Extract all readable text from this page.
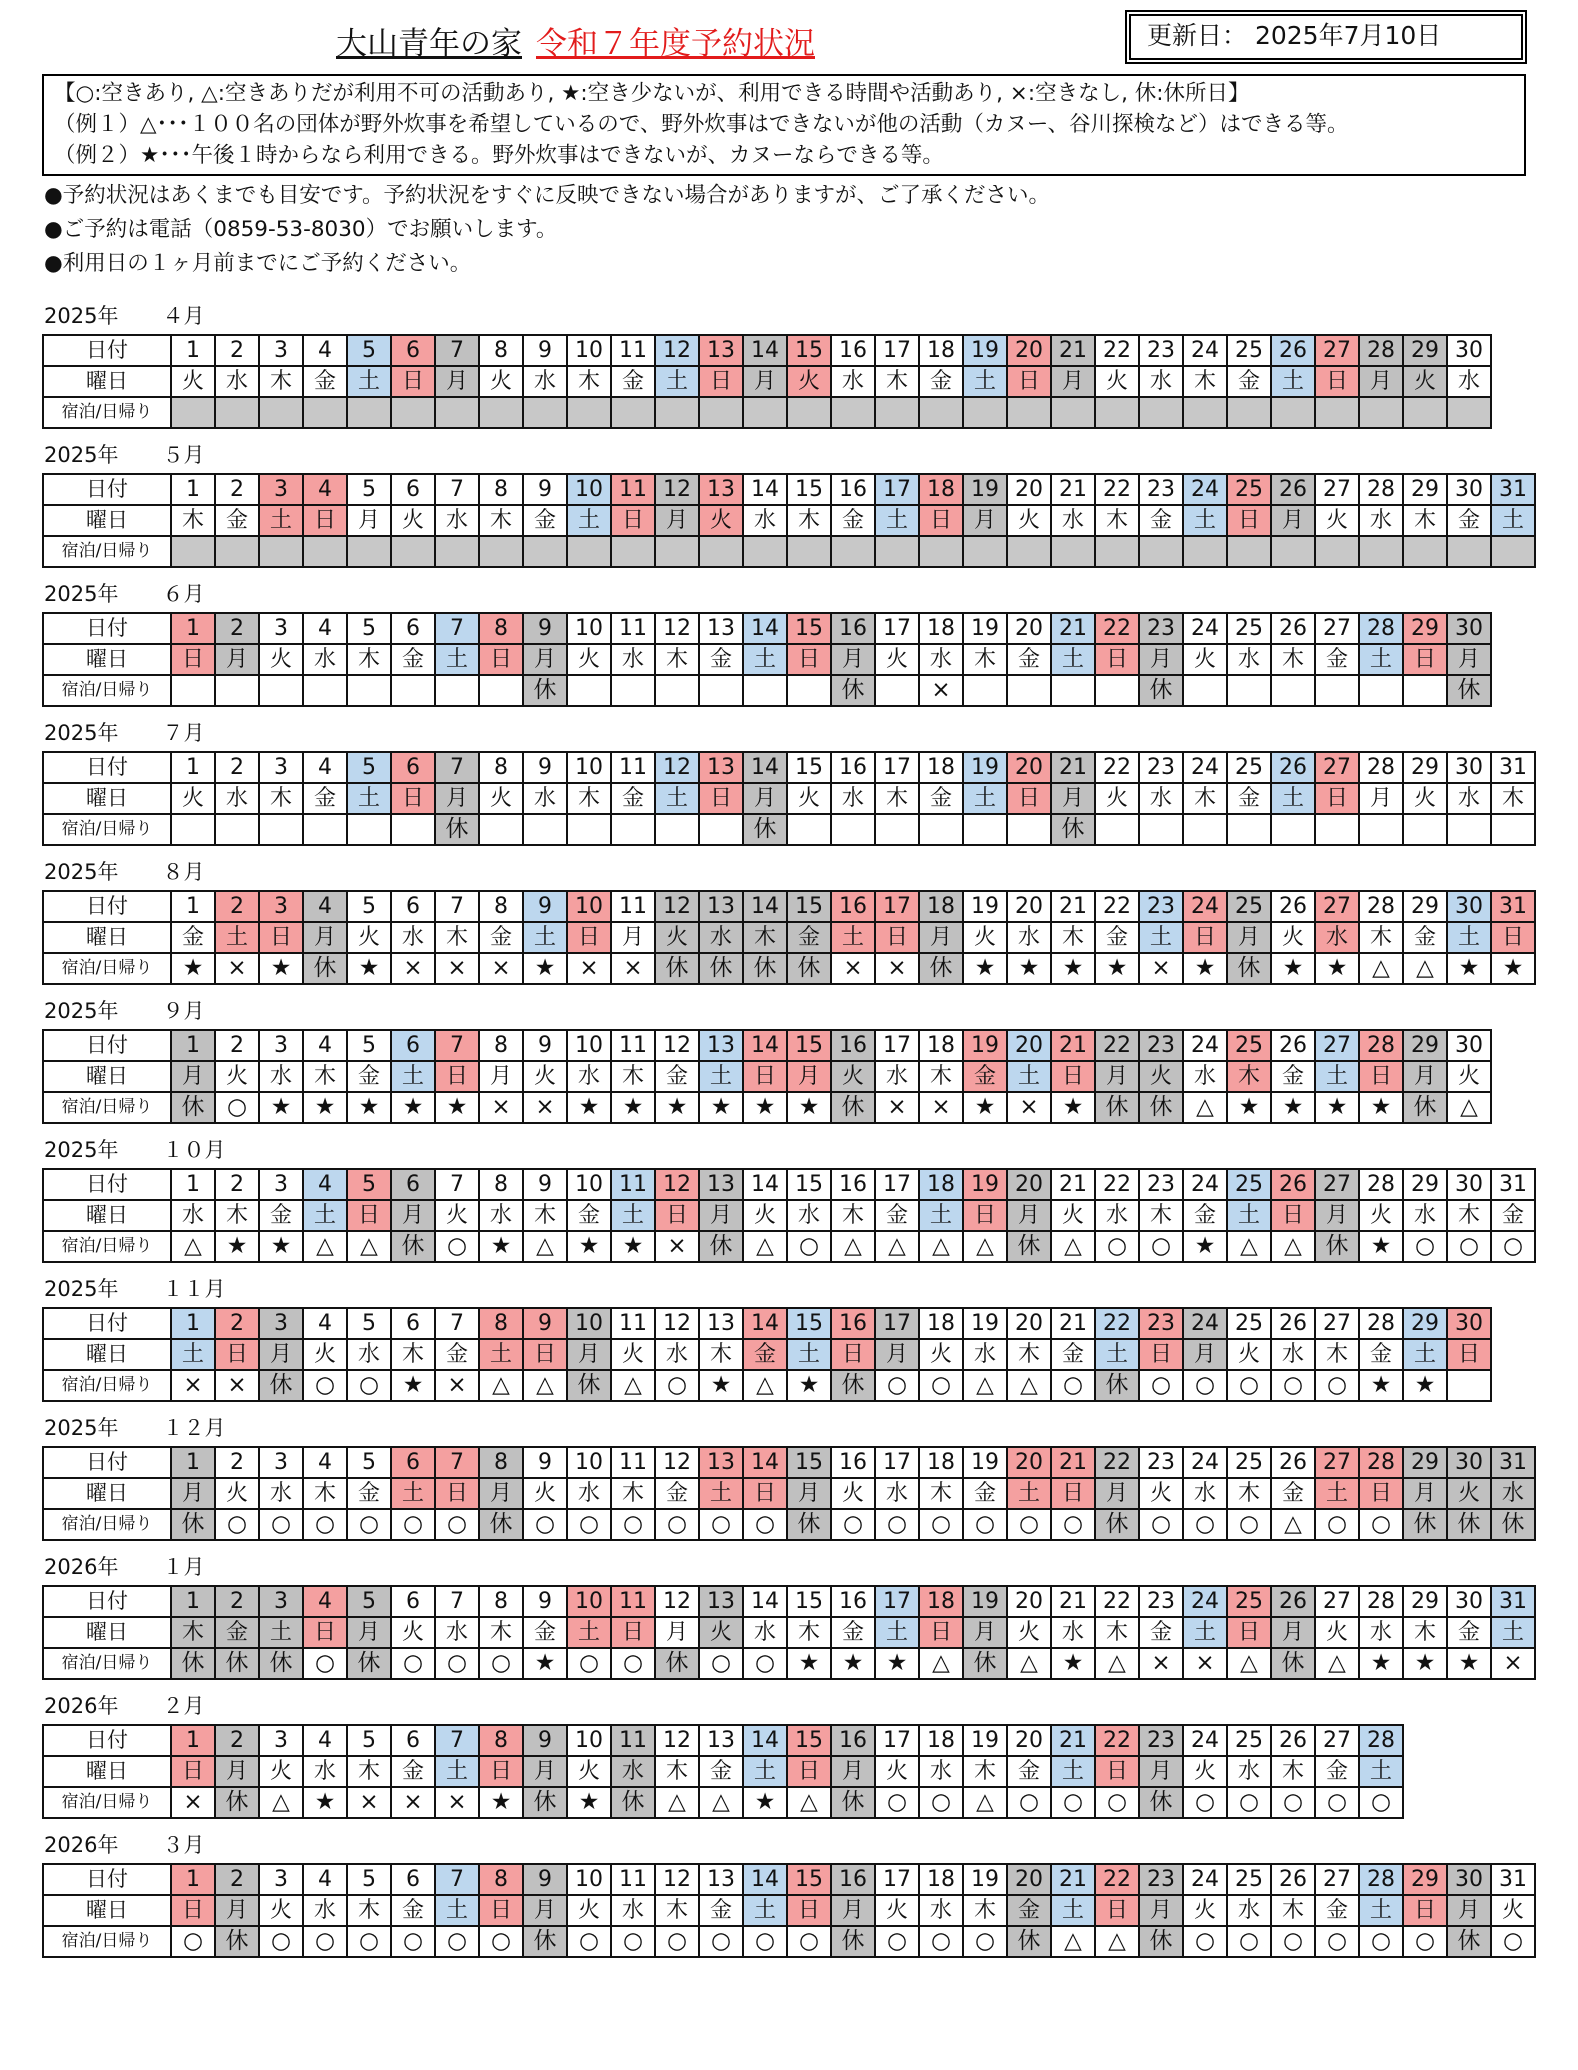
大山青年の家 令和７年度予約状況	更新日： 2025年7月10日
【○:空きあり, △:空きありだが利用不可の活動あり, ★:空き少ないが、利用できる時間や活動あり, ×:空きなし, 休:休所日】
（例１）△･･･１００名の団体が野外炊事を希望しているので、野外炊事はできないが他の活動（カヌー、谷川探検など）はできる等。
（例２）★･･･午後１時からなら利用できる。野外炊事はできないが、カヌーならできる等。
●予約状況はあくまでも目安です。予約状況をすぐに反映できない場合がありますが、ご了承ください。
●ご予約は電話（0859-53-8030）でお願いします。
●利用日の１ヶ月前までにご予約ください。
2025年 ４月
日付	1	2	3	4	5	6	7	8	9	10	11	12	13	14	15	16	17	18	19	20	21	22	23	24	25	26	27	28	29	30
曜日	火	水	木	金	土	日	月	火	水	木	金	土	日	月	火	水	木	金	土	日	月	火	水	木	金	土	日	月	火	水
宿泊/日帰り																														
2025年 ５月
日付	1	2	3	4	5	6	7	8	9	10	11	12	13	14	15	16	17	18	19	20	21	22	23	24	25	26	27	28	29	30	31
曜日	木	金	土	日	月	火	水	木	金	土	日	月	火	水	木	金	土	日	月	火	水	木	金	土	日	月	火	水	木	金	土
宿泊/日帰り																															
2025年 ６月
日付	1	2	3	4	5	6	7	8	9	10	11	12	13	14	15	16	17	18	19	20	21	22	23	24	25	26	27	28	29	30
曜日	日	月	火	水	木	金	土	日	月	火	水	木	金	土	日	月	火	水	木	金	土	日	月	火	水	木	金	土	日	月
宿泊/日帰り									休							休		×					休							休
2025年 ７月
日付	1	2	3	4	5	6	7	8	9	10	11	12	13	14	15	16	17	18	19	20	21	22	23	24	25	26	27	28	29	30	31
曜日	火	水	木	金	土	日	月	火	水	木	金	土	日	月	火	水	木	金	土	日	月	火	水	木	金	土	日	月	火	水	木
宿泊/日帰り							休							休							休										
2025年 ８月
日付	1	2	3	4	5	6	7	8	9	10	11	12	13	14	15	16	17	18	19	20	21	22	23	24	25	26	27	28	29	30	31
曜日	金	土	日	月	火	水	木	金	土	日	月	火	水	木	金	土	日	月	火	水	木	金	土	日	月	火	水	木	金	土	日
宿泊/日帰り	★	×	★	休	★	×	×	×	★	×	×	休	休	休	休	×	×	休	★	★	★	★	×	★	休	★	★	△	△	★	★
2025年 ９月
日付	1	2	3	4	5	6	7	8	9	10	11	12	13	14	15	16	17	18	19	20	21	22	23	24	25	26	27	28	29	30
曜日	月	火	水	木	金	土	日	月	火	水	木	金	土	日	月	火	水	木	金	土	日	月	火	水	木	金	土	日	月	火
宿泊/日帰り	休	○	★	★	★	★	★	×	×	★	★	★	★	★	★	休	×	×	★	×	★	休	休	△	★	★	★	★	休	△
2025年 １０月
日付	1	2	3	4	5	6	7	8	9	10	11	12	13	14	15	16	17	18	19	20	21	22	23	24	25	26	27	28	29	30	31
曜日	水	木	金	土	日	月	火	水	木	金	土	日	月	火	水	木	金	土	日	月	火	水	木	金	土	日	月	火	水	木	金
宿泊/日帰り	△	★	★	△	△	休	○	★	△	★	★	×	休	△	○	△	△	△	△	休	△	○	○	★	△	△	休	★	○	○	○
2025年 １１月
日付	1	2	3	4	5	6	7	8	9	10	11	12	13	14	15	16	17	18	19	20	21	22	23	24	25	26	27	28	29	30
曜日	土	日	月	火	水	木	金	土	日	月	火	水	木	金	土	日	月	火	水	木	金	土	日	月	火	水	木	金	土	日
宿泊/日帰り	×	×	休	○	○	★	×	△	△	休	△	○	★	△	★	休	○	○	△	△	○	休	○	○	○	○	○	★	★	
2025年 １２月
日付	1	2	3	4	5	6	7	8	9	10	11	12	13	14	15	16	17	18	19	20	21	22	23	24	25	26	27	28	29	30	31
曜日	月	火	水	木	金	土	日	月	火	水	木	金	土	日	月	火	水	木	金	土	日	月	火	水	木	金	土	日	月	火	水
宿泊/日帰り	休	○	○	○	○	○	○	休	○	○	○	○	○	○	休	○	○	○	○	○	○	休	○	○	○	△	○	○	休	休	休
2026年 １月
日付	1	2	3	4	5	6	7	8	9	10	11	12	13	14	15	16	17	18	19	20	21	22	23	24	25	26	27	28	29	30	31
曜日	木	金	土	日	月	火	水	木	金	土	日	月	火	水	木	金	土	日	月	火	水	木	金	土	日	月	火	水	木	金	土
宿泊/日帰り	休	休	休	○	休	○	○	○	★	○	○	休	○	○	★	★	★	△	休	△	★	△	×	×	△	休	△	★	★	★	×
2026年 ２月
日付	1	2	3	4	5	6	7	8	9	10	11	12	13	14	15	16	17	18	19	20	21	22	23	24	25	26	27	28
曜日	日	月	火	水	木	金	土	日	月	火	水	木	金	土	日	月	火	水	木	金	土	日	月	火	水	木	金	土
宿泊/日帰り	×	休	△	★	×	×	×	★	休	★	休	△	△	★	△	休	○	○	△	○	○	○	休	○	○	○	○	○
2026年 ３月
日付	1	2	3	4	5	6	7	8	9	10	11	12	13	14	15	16	17	18	19	20	21	22	23	24	25	26	27	28	29	30	31
曜日	日	月	火	水	木	金	土	日	月	火	水	木	金	土	日	月	火	水	木	金	土	日	月	火	水	木	金	土	日	月	火
宿泊/日帰り	○	休	○	○	○	○	○	○	休	○	○	○	○	○	○	休	○	○	○	休	△	△	休	○	○	○	○	○	○	休	○
